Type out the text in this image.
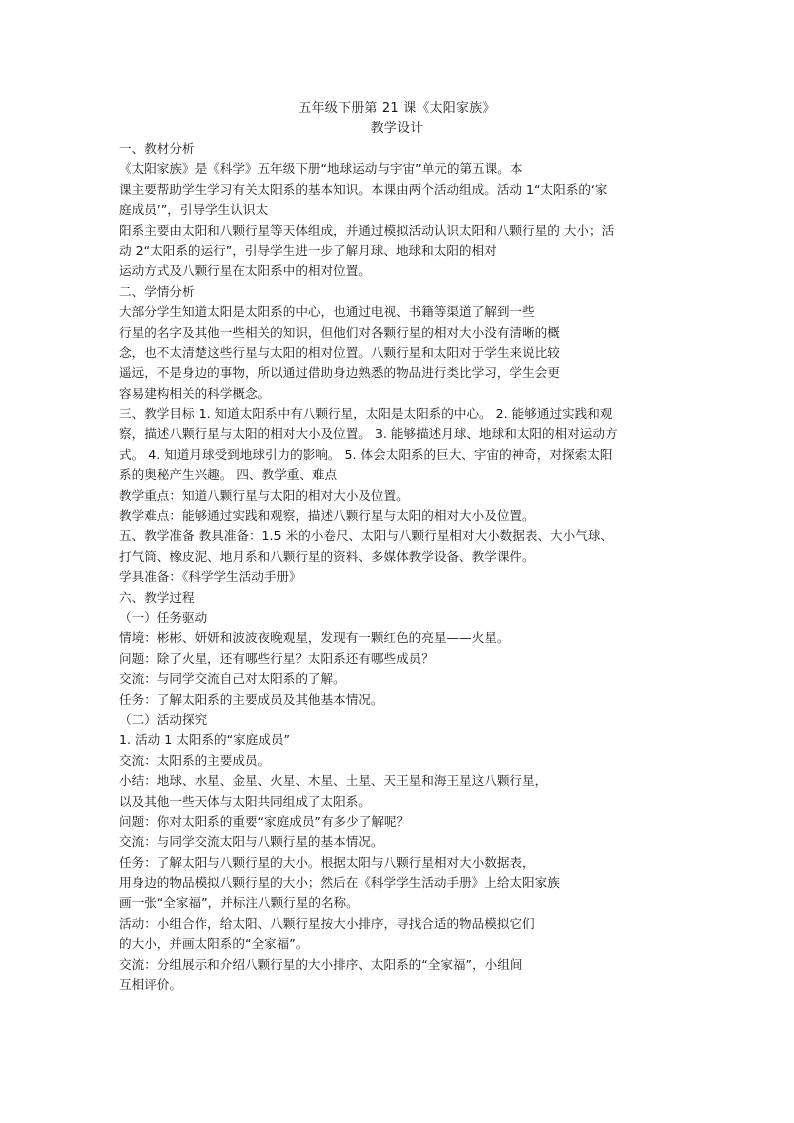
五年级下册第 21 课《太阳家族》
教学设计
一、教材分析
《太阳家族》是《科学》五年级下册“地球运动与宇宙”单元的第五课。本
课主要帮助学生学习有关太阳系的基本知识。本课由两个活动组成。活动 1“太阳系的‘家
庭成员’”，引导学生认识太
阳系主要由太阳和八颗行星等天体组成，并通过模拟活动认识太阳和八颗行星的 大小；活
动 2“太阳系的运行”，引导学生进一步了解月球、地球和太阳的相对
运动方式及八颗行星在太阳系中的相对位置。
二、学情分析
大部分学生知道太阳是太阳系的中心，也通过电视、书籍等渠道了解到一些
行星的名字及其他一些相关的知识，但他们对各颗行星的相对大小没有清晰的概
念，也不太清楚这些行星与太阳的相对位置。八颗行星和太阳对于学生来说比较
遥远，不是身边的事物，所以通过借助身边熟悉的物品进行类比学习，学生会更
容易建构相关的科学概念。
三、教学目标 1. 知道太阳系中有八颗行星，太阳是太阳系的中心。 2. 能够通过实践和观
察，描述八颗行星与太阳的相对大小及位置。 3. 能够描述月球、地球和太阳的相对运动方
式。 4. 知道月球受到地球引力的影响。 5. 体会太阳系的巨大、宇宙的神奇，对探索太阳
系的奥秘产生兴趣。 四、教学重、难点
教学重点：知道八颗行星与太阳的相对大小及位置。
教学难点：能够通过实践和观察，描述八颗行星与太阳的相对大小及位置。
五、教学准备 教具准备：1.5 米的小卷尺、太阳与八颗行星相对大小数据表、大小气球、
打气筒、橡皮泥、地月系和八颗行星的资料、多媒体教学设备、教学课件。
学具准备：《科学学生活动手册》
六、教学过程
（一）任务驱动
情境：彬彬、妍妍和波波夜晚观星，发现有一颗红色的亮星——火星。
问题：除了火星，还有哪些行星？太阳系还有哪些成员？
交流：与同学交流自己对太阳系的了解。
任务：了解太阳系的主要成员及其他基本情况。
（二）活动探究
1. 活动 1 太阳系的“家庭成员”
交流：太阳系的主要成员。
小结：地球、水星、金星、火星、木星、土星、天王星和海王星这八颗行星，
以及其他一些天体与太阳共同组成了太阳系。
问题：你对太阳系的重要“家庭成员”有多少了解呢？
交流：与同学交流太阳与八颗行星的基本情况。
任务：了解太阳与八颗行星的大小。根据太阳与八颗行星相对大小数据表，
用身边的物品模拟八颗行星的大小；然后在《科学学生活动手册》上给太阳家族
画一张“全家福”，并标注八颗行星的名称。
活动：小组合作，给太阳、八颗行星按大小排序，寻找合适的物品模拟它们
的大小，并画太阳系的“全家福”。
交流：分组展示和介绍八颗行星的大小排序、太阳系的“全家福”，小组间
互相评价。
